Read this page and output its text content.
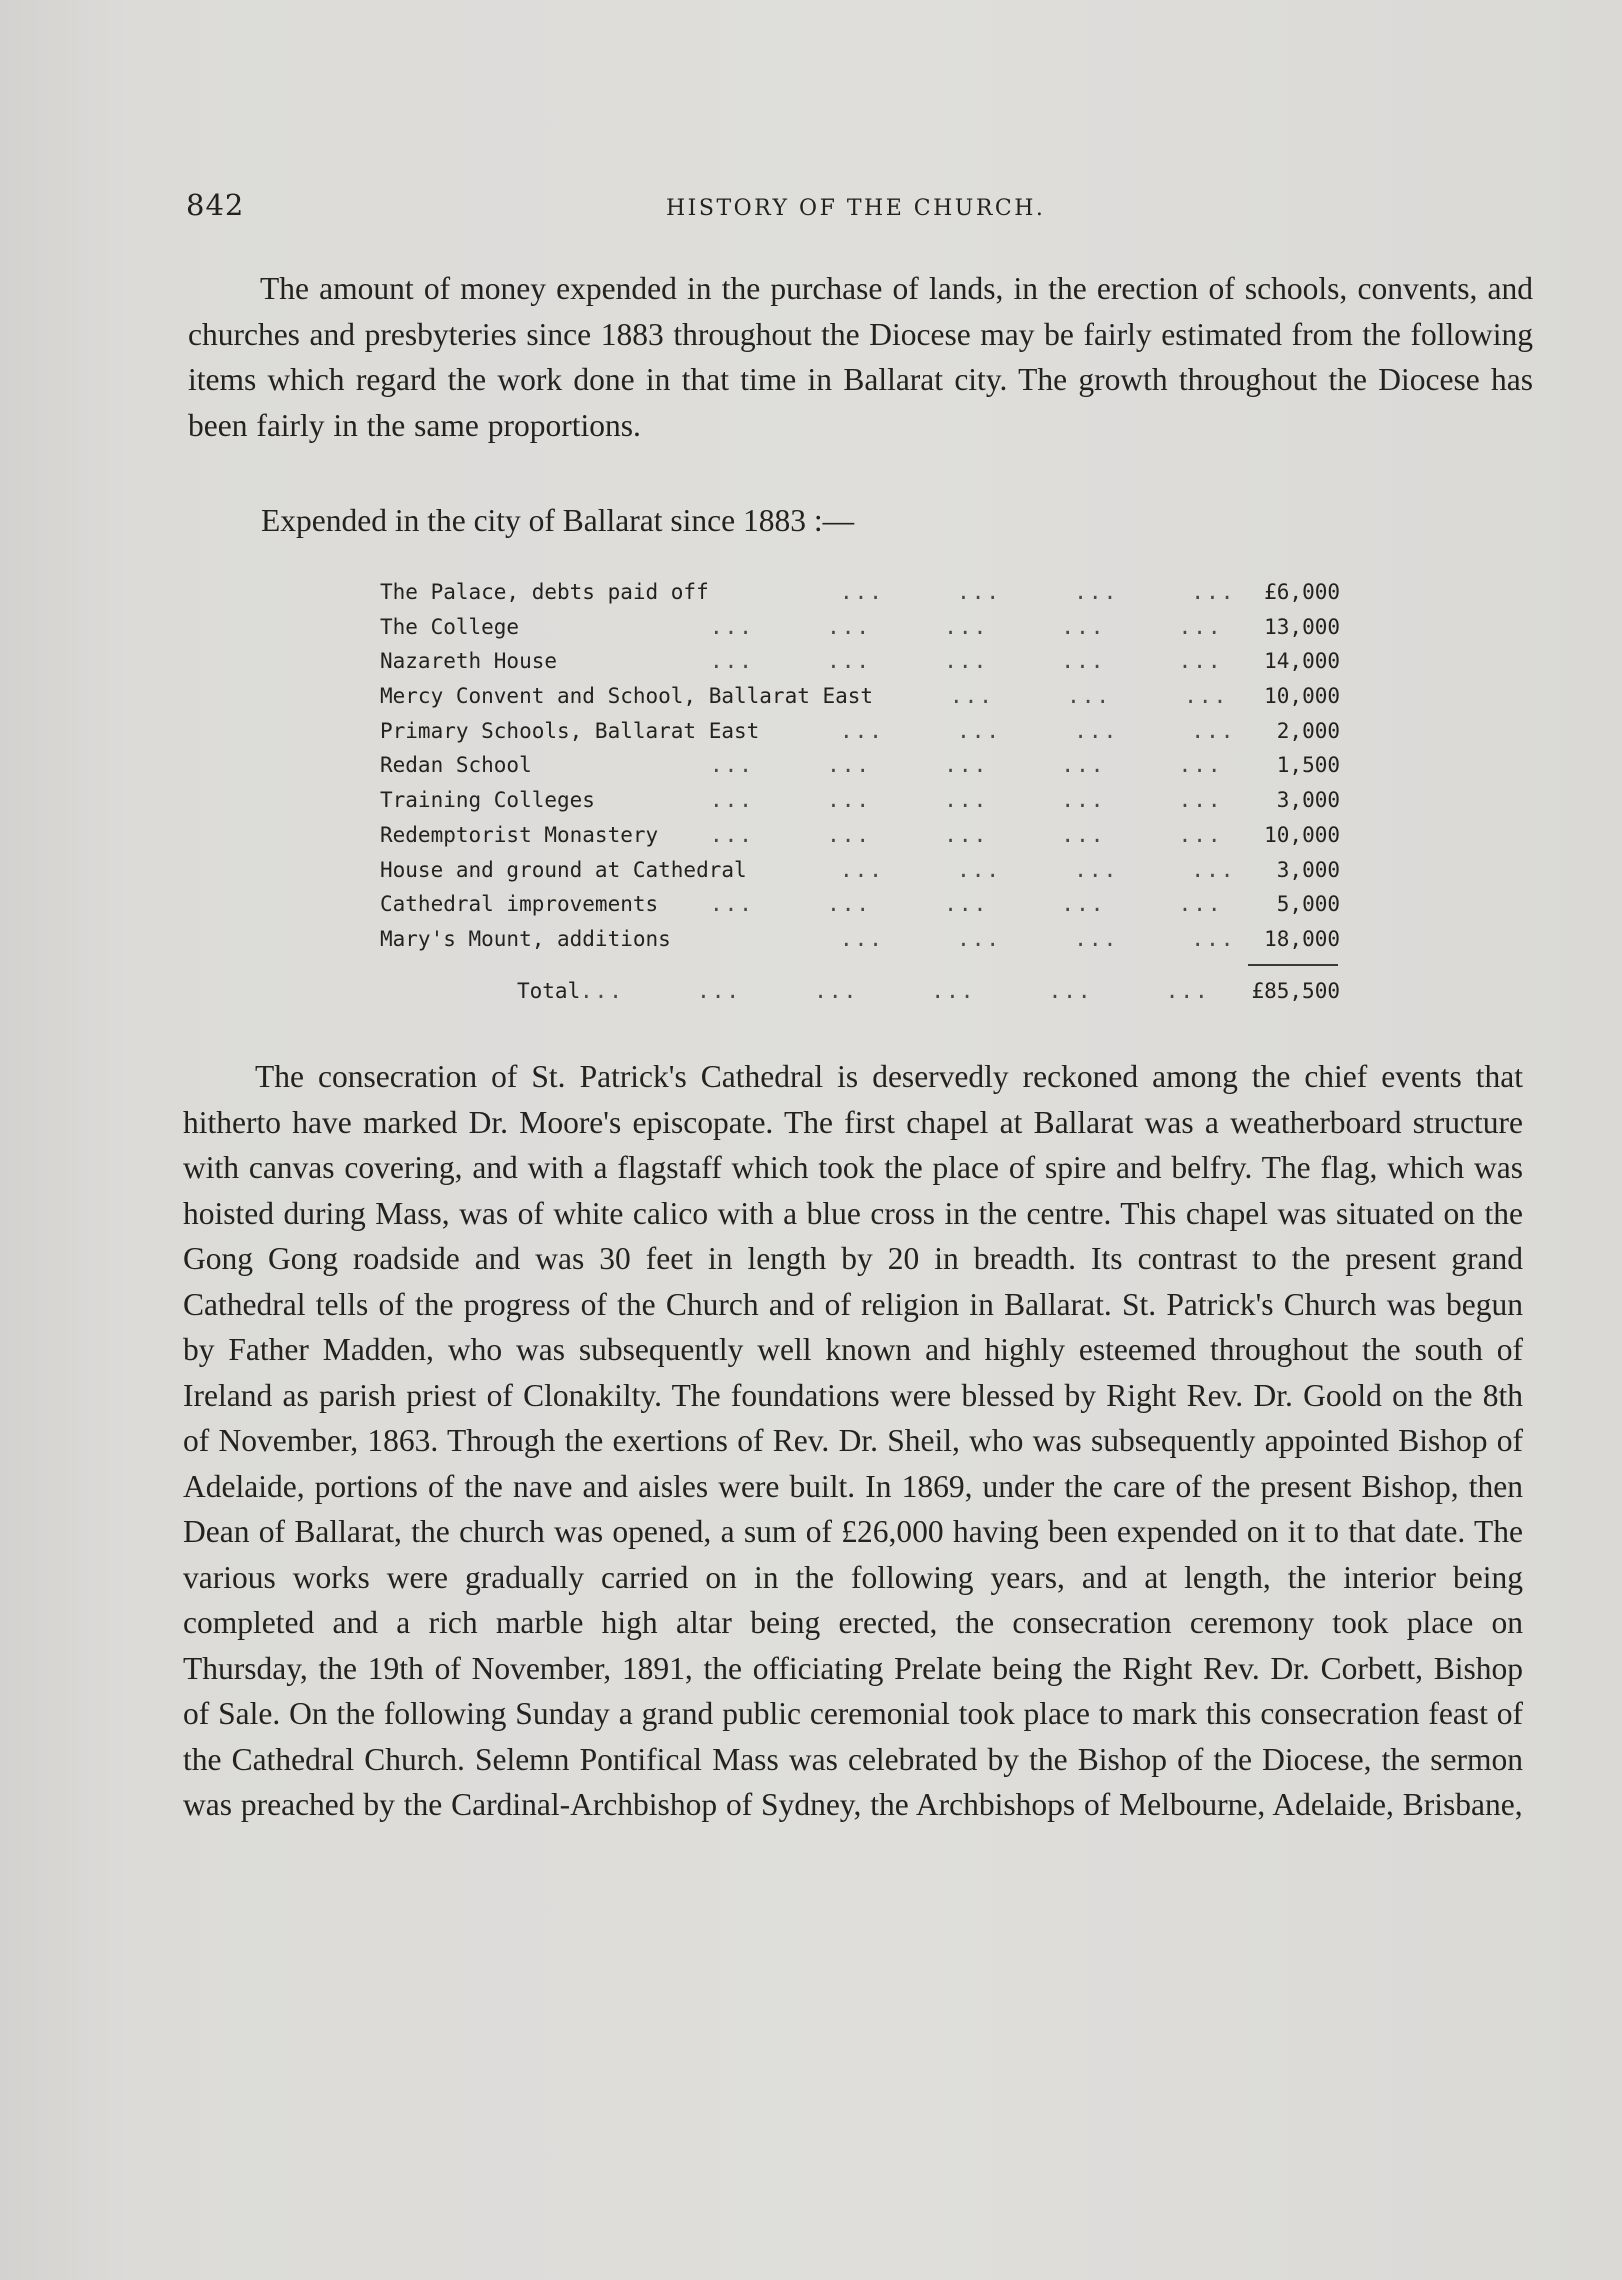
842	HISTORY OF THE CHURCH.

The amount of money expended in the purchase of lands, in the erection of schools, convents, and churches and presbyteries since 1883 throughout the Diocese may be fairly estimated from the following items which regard the work done in that time in Ballarat city. The growth throughout the Diocese has been fairly in the same proportions.

Expended in the city of Ballarat since 1883 :—
The Palace, debts paid off	...     ...     ...     ...	£6,000
The College	...     ...     ...     ...     ...	13,000
Nazareth House	...     ...     ...     ...     ...	14,000
Mercy Convent and School, Ballarat East	...     ...     ...	10,000
Primary Schools, Ballarat East	...     ...     ...     ...	2,000
Redan School	...     ...     ...     ...     ...	1,500
Training Colleges	...     ...     ...     ...     ...	3,000
Redemptorist Monastery ...     ...     ...     ...     ...	10,000
House and ground at Cathedral	...     ...     ...     ...	3,000
Cathedral improvements ...     ...     ...     ...     ...	5,000
Mary's Mount, additions	...     ...     ...     ...	18,000
Total ...     ...     ...     ...     ...     ...	£85,500

The consecration of St. Patrick's Cathedral is deservedly reckoned among the chief events that hitherto have marked Dr. Moore's episcopate. The first chapel at Ballarat was a weatherboard structure with canvas covering, and with a flagstaff which took the place of spire and belfry. The flag, which was hoisted during Mass, was of white calico with a blue cross in the centre. This chapel was situated on the Gong Gong roadside and was 30 feet in length by 20 in breadth. Its contrast to the present grand Cathedral tells of the progress of the Church and of religion in Ballarat. St. Patrick's Church was begun by Father Madden, who was subsequently well known and highly esteemed throughout the south of Ireland as parish priest of Clonakilty. The foundations were blessed by Right Rev. Dr. Goold on the 8th of November, 1863. Through the exertions of Rev. Dr. Sheil, who was subsequently appointed Bishop of Adelaide, portions of the nave and aisles were built. In 1869, under the care of the present Bishop, then Dean of Ballarat, the church was opened, a sum of £26,000 having been expended on it to that date. The various works were gradually carried on in the following years, and at length, the interior being completed and a rich marble high altar being erected, the consecration ceremony took place on Thursday, the 19th of November, 1891, the officiating Prelate being the Right Rev. Dr. Corbett, Bishop of Sale. On the following Sunday a grand public ceremonial took place to mark this consecration feast of the Cathedral Church. Selemn Pontifical Mass was celebrated by the Bishop of the Diocese, the sermon was preached by the Cardinal-Archbishop of Sydney, the Archbishops of Melbourne, Adelaide, Brisbane,
